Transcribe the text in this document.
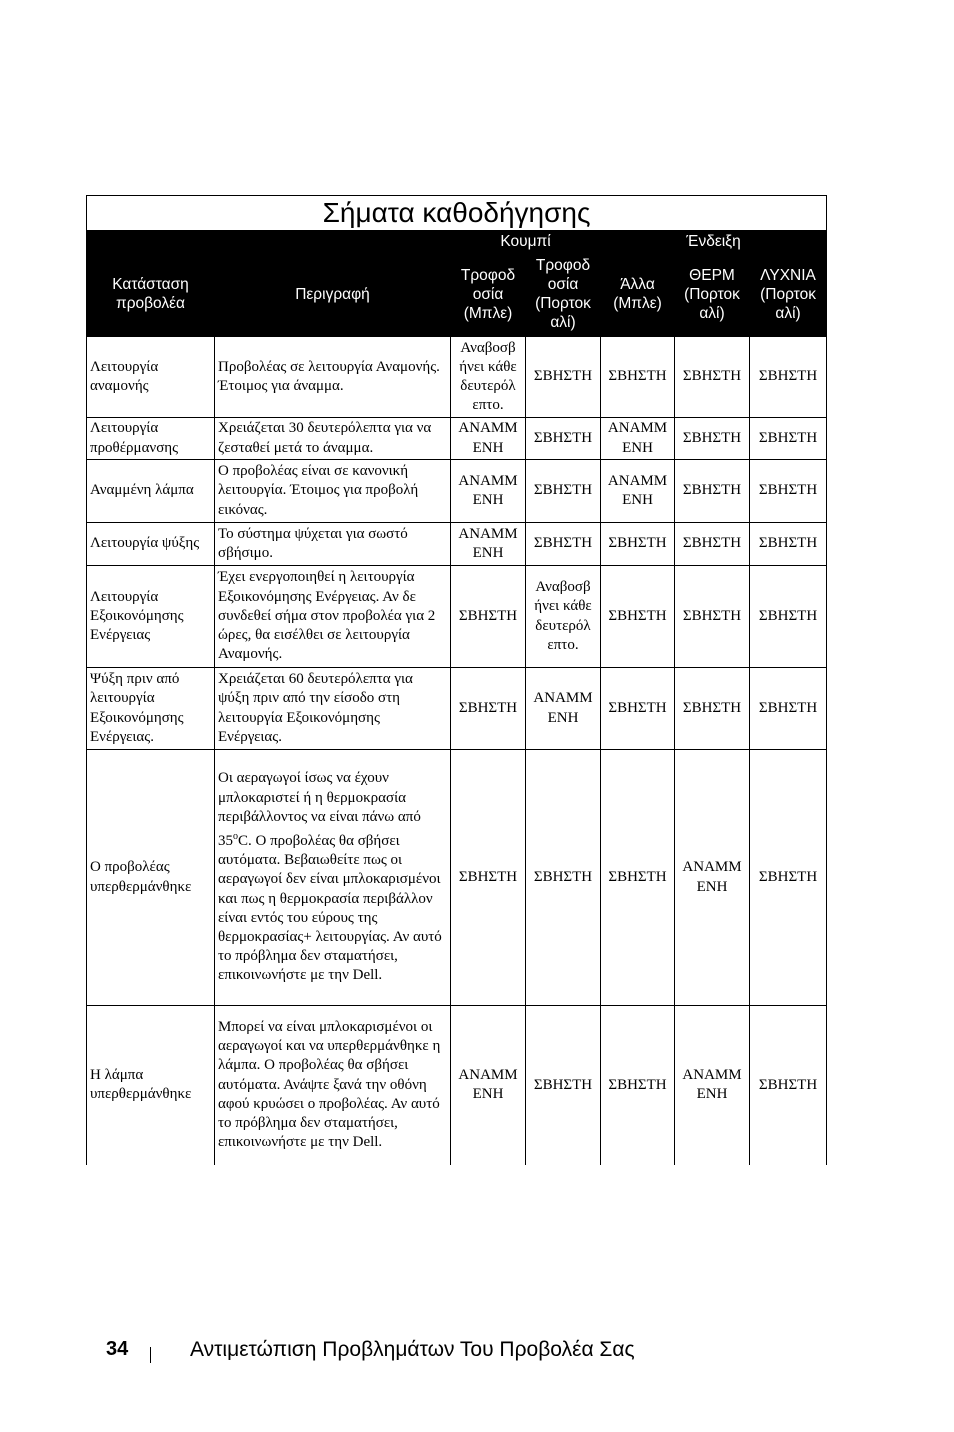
Σήματα καθοδήγησης						
		Κουμπί		Ένδειξη		
Κατάσταση προβολέα	Περιγραφή	Τροφοδ οσία (Μπλε)	Τροφοδ οσία (Πορτοκ αλί)	Άλλα (Μπλε)	ΘΕΡΜ (Πορτοκ αλί)	ΛΥΧΝΙΑ (Πορτοκ αλί)
Λειτουργία αναμονής	Προβολέας σε λειτουργία Αναμονής. Έτοιμος για άναμμα.	Αναβοσβ ήνει κάθε δευτερόλ επτο.	ΣΒΗΣΤΗ	ΣΒΗΣΤΗ	ΣΒΗΣΤΗ	ΣΒΗΣΤΗ
Λειτουργία προθέρμανσης	Χρειάζεται 30 δευτερόλεπτα για να ζεσταθεί μετά το άναμμα.	ΑΝΑΜΜ ΕΝΗ	ΣΒΗΣΤΗ	ΑΝΑΜΜ ΕΝΗ	ΣΒΗΣΤΗ	ΣΒΗΣΤΗ
Αναμμένη λάμπα	Ο προβολέας είναι σε κανονική λειτουργία. Έτοιμος για προβολή εικόνας.	ΑΝΑΜΜ ΕΝΗ	ΣΒΗΣΤΗ	ΑΝΑΜΜ ΕΝΗ	ΣΒΗΣΤΗ	ΣΒΗΣΤΗ
Λειτουργία ψύξης	Το σύστημα ψύχεται για σωστό σβήσιμο.	ΑΝΑΜΜ ΕΝΗ	ΣΒΗΣΤΗ	ΣΒΗΣΤΗ	ΣΒΗΣΤΗ	ΣΒΗΣΤΗ
Λειτουργία Εξοικονόμησης Ενέργειας	Έχει ενεργοποιηθεί η λειτουργία Εξοικονόμησης Ενέργειας. Αν δε συνδεθεί σήμα στον προβολέα για 2 ώρες, θα εισέλθει σε λειτουργία Αναμονής.	ΣΒΗΣΤΗ	Αναβοσβ ήνει κάθε δευτερόλ επτο.	ΣΒΗΣΤΗ	ΣΒΗΣΤΗ	ΣΒΗΣΤΗ
Ψύξη πριν από λειτουργία Εξοικονόμησης Ενέργειας.	Χρειάζεται 60 δευτερόλεπτα για ψύξη πριν από την είσοδο στη λειτουργία Εξοικονόμησης Ενέργειας.	ΣΒΗΣΤΗ	ΑΝΑΜΜ ΕΝΗ	ΣΒΗΣΤΗ	ΣΒΗΣΤΗ	ΣΒΗΣΤΗ
Ο προβολέας υπερθερμάνθηκε	Οι αεραγωγοί ίσως να έχουν μπλοκαριστεί ή η θερμοκρασία περιβάλλοντος να είναι πάνω από 35$^o$C. Ο προβολέας θα σβήσει αυτόματα. Βεβαιωθείτε πως οι αεραγωγοί δεν είναι μπλοκαρισμένοι και πως η θερμοκρασία περιβάλλον είναι εντός του εύρους της θερμοκρασίας+ λειτουργίας. Αν αυτό το πρόβλημα δεν σταματήσει, επικοινωνήστε με την Dell.	ΣΒΗΣΤΗ	ΣΒΗΣΤΗ	ΣΒΗΣΤΗ	ΑΝΑΜΜ ΕΝΗ	ΣΒΗΣΤΗ
Η λάμπα υπερθερμάνθηκε	Μπορεί να είναι μπλοκαρισμένοι οι αεραγωγοί και να υπερθερμάνθηκε η λάμπα. Ο προβολέας θα σβήσει αυτόματα. Ανάψτε ξανά την οθόνη αφού κρυώσει ο προβολέας. Αν αυτό το πρόβλημα δεν σταματήσει, επικοινωνήστε με την Dell.	ΑΝΑΜΜ ΕΝΗ	ΣΒΗΣΤΗ	ΣΒΗΣΤΗ	ΑΝΑΜΜ ΕΝΗ	ΣΒΗΣΤΗ
34	Αντιμετώπιση Προβλημάτων Του Προβολέα Σας
